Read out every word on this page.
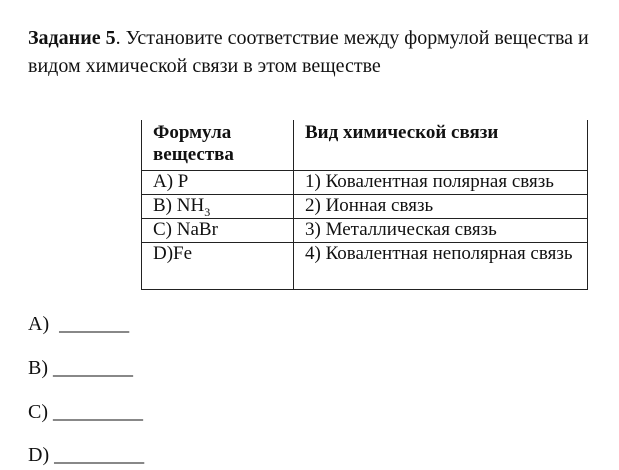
Задание 5. Установите соответствие между формулой вещества и видом химической связи в этом веществе
Формула вещества	Вид химической связи
А) P	1) Ковалентная полярная связь
В) $NH_3$	2) Ионная связь
С) NaBr	3) Металлическая связь
D)Fe	4) Ковалентная неполярная связь
A) _______
B) ________
C) _________
D) _________
